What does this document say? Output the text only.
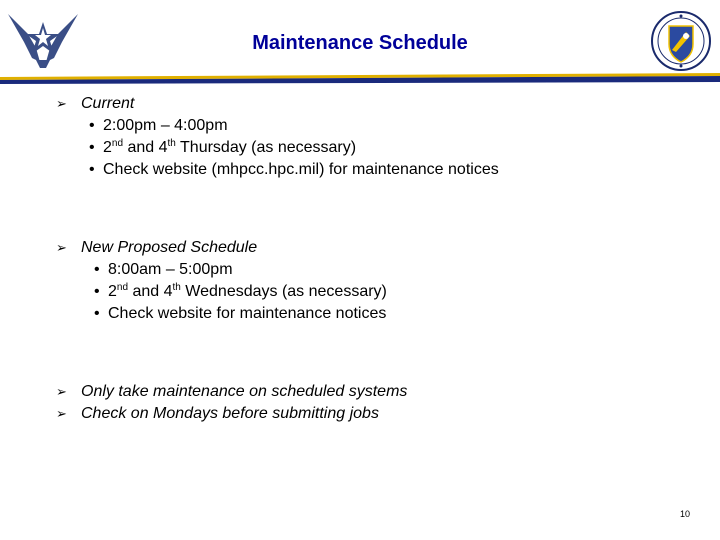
Maintenance Schedule
➢ Current
• 2:00pm – 4:00pm
• 2nd and 4th Thursday (as necessary)
• Check website (mhpcc.hpc.mil) for maintenance notices
➢ New Proposed Schedule
• 8:00am – 5:00pm
• 2nd and 4th Wednesdays (as necessary)
• Check website for maintenance notices
➢ Only take maintenance on scheduled systems
➢ Check on Mondays before submitting jobs
10
